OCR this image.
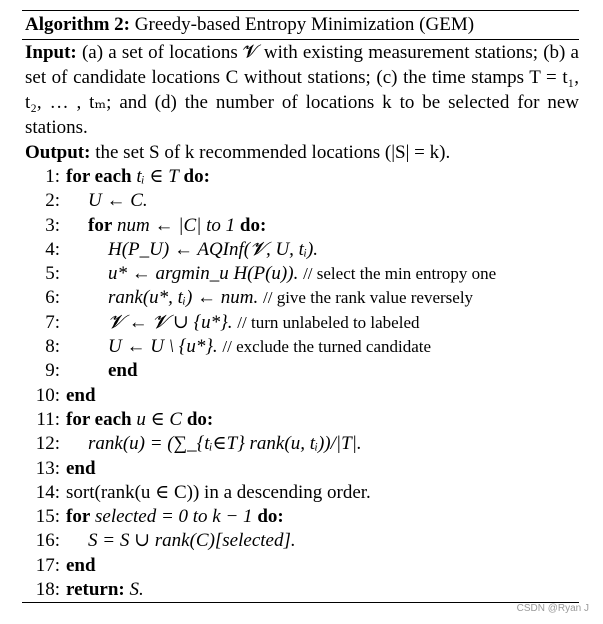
Algorithm 2: Greedy-based Entropy Minimization (GEM)
Input: (a) a set of locations 𝓥 with existing measurement stations; (b) a set of candidate locations C without stations; (c) the time stamps T = t₁, t₂, … , tₘ; and (d) the number of locations k to be selected for new stations.
Output: the set S of k recommended locations (|S| = k).
1: for each tᵢ ∈ T do:
2: U ← C.
3: for num ← |C| to 1 do:
4:	H(P_U) ← AQInf(𝓥, U, tᵢ).
5:	u* ← argmin_u H(P(u)). // select the min entropy one
6:	rank(u*, tᵢ) ← num. // give the rank value reversely
7:	𝓥 ← 𝓥 ∪ {u*}. // turn unlabeled to labeled
8:	U ← U \ {u*}. // exclude the turned candidate
9:	end
10: end
11: for each u ∈ C do:
12: rank(u) = (∑_{tᵢ∈T} rank(u, tᵢ))/|T|.
13: end
14: sort(rank(u ∈ C)) in a descending order.
15: for selected = 0 to k − 1 do:
16: S = S ∪ rank(C)[selected].
17: end
18: return: S.
CSDN @Ryan J
